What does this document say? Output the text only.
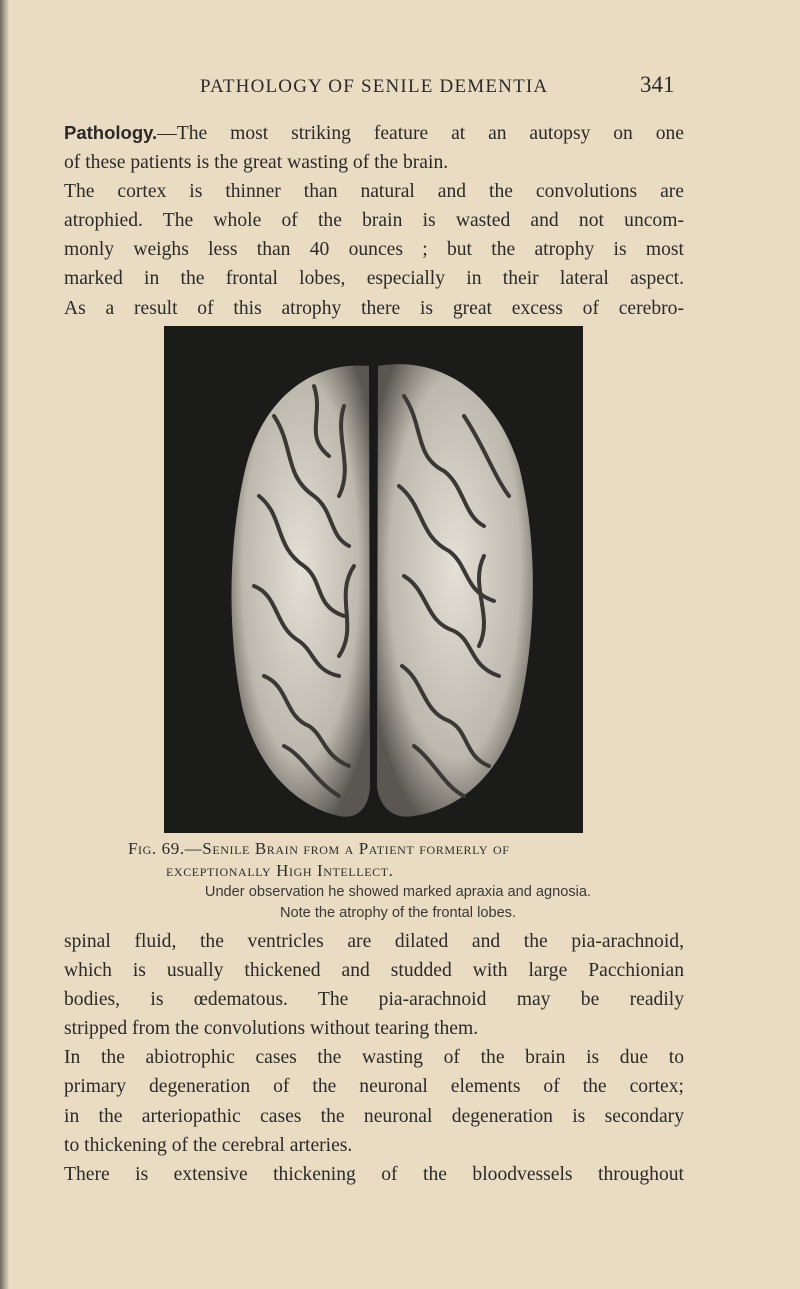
PATHOLOGY OF SENILE DEMENTIA	341

Pathology.—The most striking feature at an autopsy on one

of these patients is the great wasting of the brain.

The cortex is thinner than natural and the convolutions are

atrophied. The whole of the brain is wasted and not uncom-

monly weighs less than 40 ounces ; but the atrophy is most

marked in the frontal lobes, especially in their lateral aspect.

As a result of this atrophy there is great excess of cerebro-

Fig. 69.—Senile Brain from a Patient formerly of
exceptionally High Intellect.
Under observation he showed marked apraxia and agnosia.
Note the atrophy of the frontal lobes.

spinal fluid, the ventricles are dilated and the pia-arachnoid,

which is usually thickened and studded with large Pacchionian

bodies, is œdematous. The pia-arachnoid may be readily

stripped from the convolutions without tearing them.

In the abiotrophic cases the wasting of the brain is due to

primary degeneration of the neuronal elements of the cortex;

in the arteriopathic cases the neuronal degeneration is secondary

to thickening of the cerebral arteries.

There is extensive thickening of the bloodvessels throughout
